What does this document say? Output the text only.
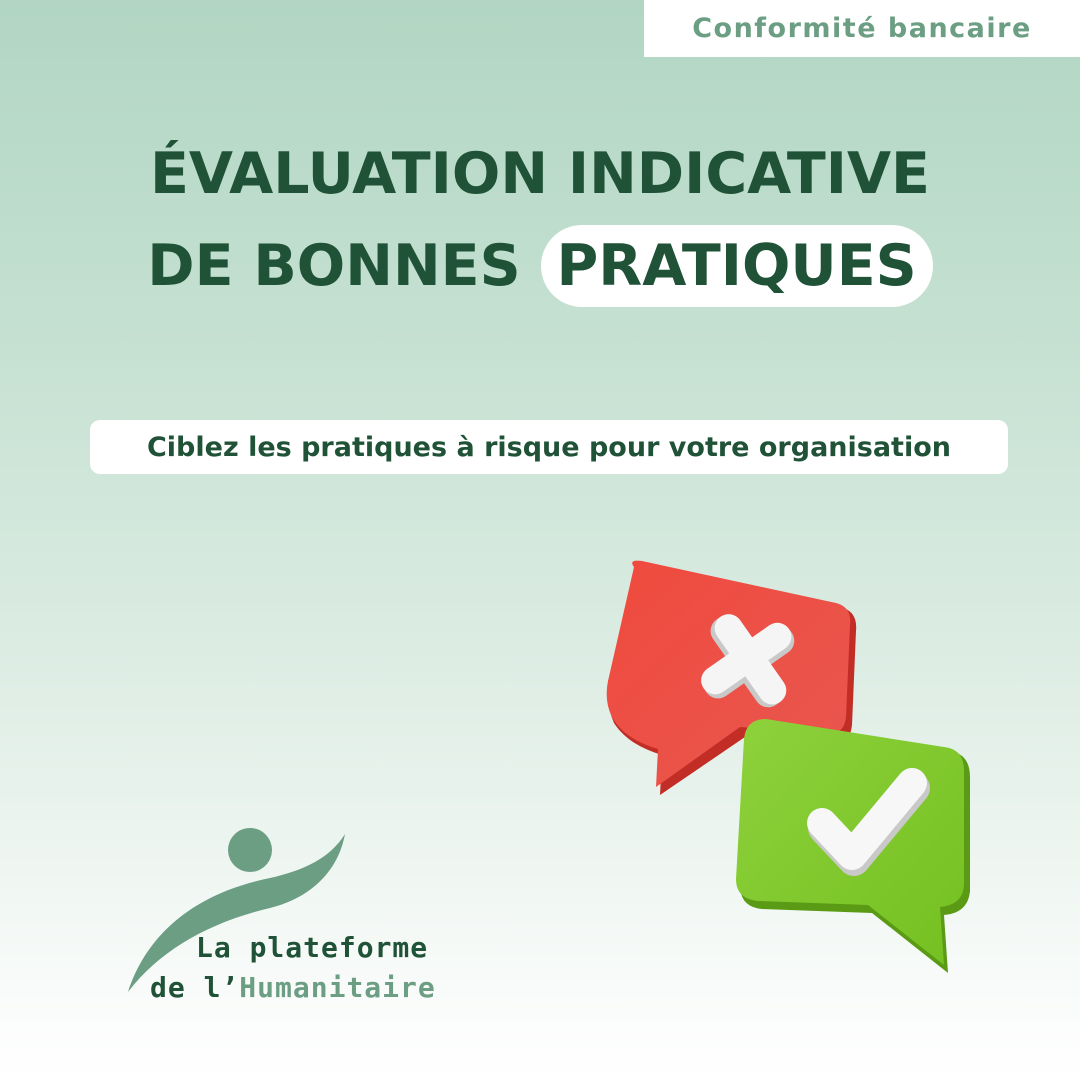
Conformité bancaire
ÉVALUATION INDICATIVE
DE BONNES PRATIQUES
Ciblez les pratiques à risque pour votre organisation
La plateforme
de l’Humanitaire
